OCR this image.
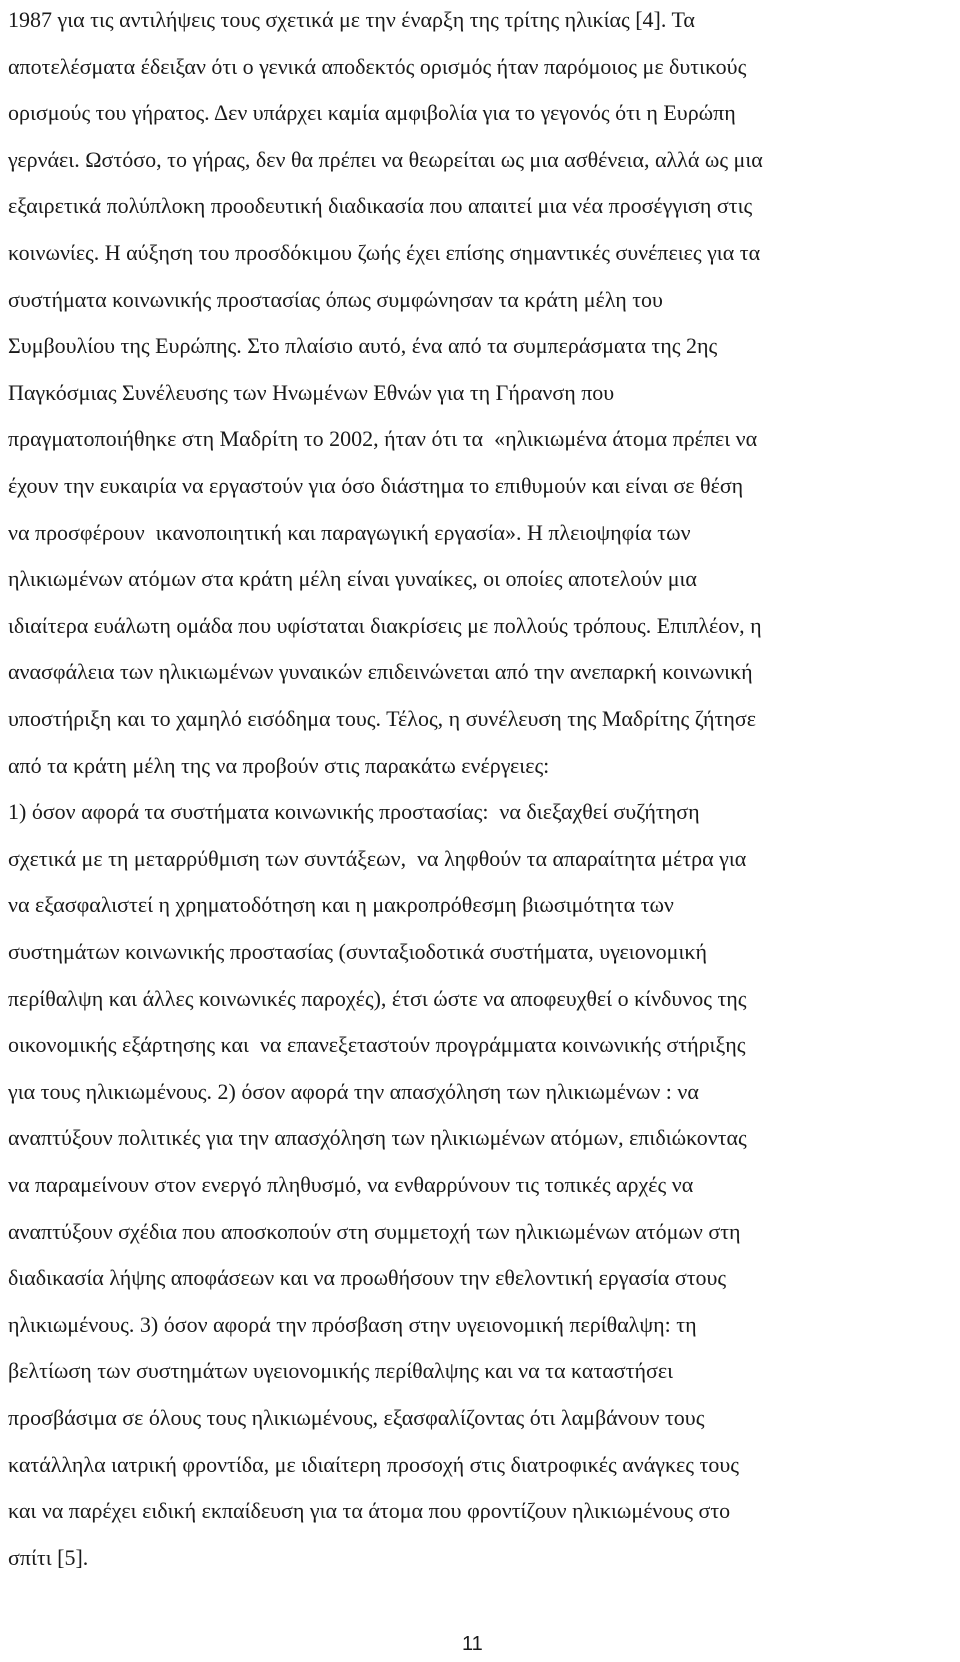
1987 για τις αντιλήψεις τους σχετικά με την έναρξη της τρίτης ηλικίας [4]. Τα
αποτελέσματα έδειξαν ότι ο γενικά αποδεκτός ορισμός ήταν παρόμοιος με δυτικούς
ορισμούς του γήρατος. Δεν υπάρχει καμία αμφιβολία για το γεγονός ότι η Ευρώπη
γερνάει. Ωστόσο, το γήρας, δεν θα πρέπει να θεωρείται ως μια ασθένεια, αλλά ως μια
εξαιρετικά πολύπλοκη προοδευτική διαδικασία που απαιτεί μια νέα προσέγγιση στις
κοινωνίες. Η αύξηση του προσδόκιμου ζωής έχει επίσης σημαντικές συνέπειες για τα
συστήματα κοινωνικής προστασίας όπως συμφώνησαν τα κράτη μέλη του
Συμβουλίου της Ευρώπης. Στο πλαίσιο αυτό, ένα από τα συμπεράσματα της 2ης
Παγκόσμιας Συνέλευσης των Ηνωμένων Εθνών για τη Γήρανση που
πραγματοποιήθηκε στη Μαδρίτη το 2002, ήταν ότι τα  «ηλικιωμένα άτομα πρέπει να
έχουν την ευκαιρία να εργαστούν για όσο διάστημα το επιθυμούν και είναι σε θέση
να προσφέρουν  ικανοποιητική και παραγωγική εργασία». Η πλειοψηφία των
ηλικιωμένων ατόμων στα κράτη μέλη είναι γυναίκες, οι οποίες αποτελούν μια
ιδιαίτερα ευάλωτη ομάδα που υφίσταται διακρίσεις με πολλούς τρόπους. Επιπλέον, η
ανασφάλεια των ηλικιωμένων γυναικών επιδεινώνεται από την ανεπαρκή κοινωνική
υποστήριξη και το χαμηλό εισόδημα τους. Τέλος, η συνέλευση της Μαδρίτης ζήτησε
από τα κράτη μέλη της να προβούν στις παρακάτω ενέργειες:
1) όσον αφορά τα συστήματα κοινωνικής προστασίας:  να διεξαχθεί συζήτηση
σχετικά με τη μεταρρύθμιση των συντάξεων,  να ληφθούν τα απαραίτητα μέτρα για
να εξασφαλιστεί η χρηματοδότηση και η μακροπρόθεσμη βιωσιμότητα των
συστημάτων κοινωνικής προστασίας (συνταξιοδοτικά συστήματα, υγειονομική
περίθαλψη και άλλες κοινωνικές παροχές), έτσι ώστε να αποφευχθεί ο κίνδυνος της
οικονομικής εξάρτησης και  να επανεξεταστούν προγράμματα κοινωνικής στήριξης
για τους ηλικιωμένους. 2) όσον αφορά την απασχόληση των ηλικιωμένων : να
αναπτύξουν πολιτικές για την απασχόληση των ηλικιωμένων ατόμων, επιδιώκοντας
να παραμείνουν στον ενεργό πληθυσμό, να ενθαρρύνουν τις τοπικές αρχές να
αναπτύξουν σχέδια που αποσκοπούν στη συμμετοχή των ηλικιωμένων ατόμων στη
διαδικασία λήψης αποφάσεων και να προωθήσουν την εθελοντική εργασία στους
ηλικιωμένους. 3) όσον αφορά την πρόσβαση στην υγειονομική περίθαλψη: τη
βελτίωση των συστημάτων υγειονομικής περίθαλψης και να τα καταστήσει
προσβάσιμα σε όλους τους ηλικιωμένους, εξασφαλίζοντας ότι λαμβάνουν τους
κατάλληλα ιατρική φροντίδα, με ιδιαίτερη προσοχή στις διατροφικές ανάγκες τους
και να παρέχει ειδική εκπαίδευση για τα άτομα που φροντίζουν ηλικιωμένους στο
σπίτι [5].
11
